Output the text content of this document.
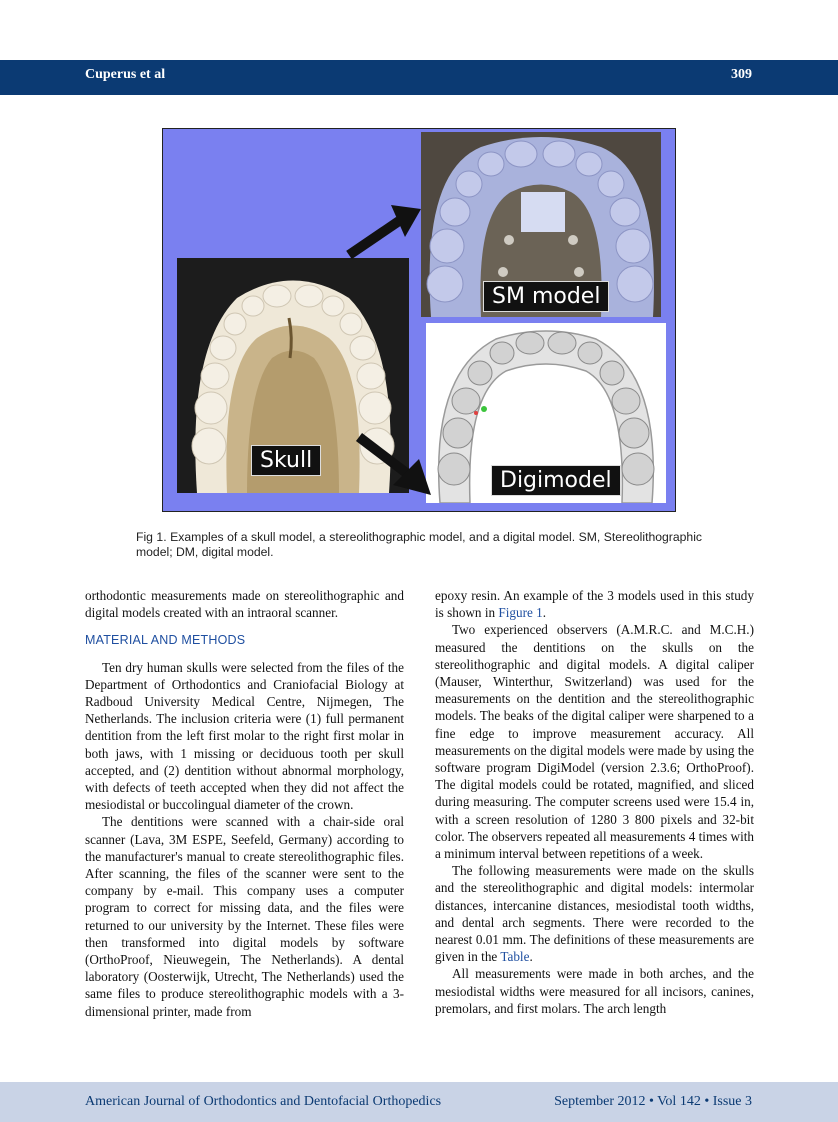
Cuperus et al	309
Skull
SM model
Digimodel
Fig 1. Examples of a skull model, a stereolithographic model, and a digital model. SM, Stereolithographic model; DM, digital model.

orthodontic measurements made on stereolithographic and digital models created with an intraoral scanner.

MATERIAL AND METHODS

Ten dry human skulls were selected from the files of the Department of Orthodontics and Craniofacial Biology at Radboud University Medical Centre, Nijmegen, The Netherlands. The inclusion criteria were (1) full permanent dentition from the left first molar to the right first molar in both jaws, with 1 missing or deciduous tooth per skull accepted, and (2) dentition without abnormal morphology, with defects of teeth accepted when they did not affect the mesiodistal or buccolingual diameter of the crown.

The dentitions were scanned with a chair-side oral scanner (Lava, 3M ESPE, Seefeld, Germany) according to the manufacturer's manual to create stereolithographic files. After scanning, the files of the scanner were sent to the company by e-mail. This company uses a computer program to correct for missing data, and the files were returned to our university by the Internet. These files were then transformed into digital models by software (OrthoProof, Nieuwegein, The Netherlands). A dental laboratory (Oosterwijk, Utrecht, The Netherlands) used the same files to produce stereolithographic models with a 3-dimensional printer, made from

epoxy resin. An example of the 3 models used in this study is shown in Figure 1.

Two experienced observers (A.M.R.C. and M.C.H.) measured the dentitions on the skulls on the stereolithographic and digital models. A digital caliper (Mauser, Winterthur, Switzerland) was used for the measurements on the dentition and the stereolithographic models. The beaks of the digital caliper were sharpened to a fine edge to improve measurement accuracy. All measurements on the digital models were made by using the software program DigiModel (version 2.3.6; OrthoProof). The digital models could be rotated, magnified, and sliced during measuring. The computer screens used were 15.4 in, with a screen resolution of 1280 3 800 pixels and 32-bit color. The observers repeated all measurements 4 times with a minimum interval between repetitions of a week.

The following measurements were made on the skulls and the stereolithographic and digital models: intermolar distances, intercanine distances, mesiodistal tooth widths, and dental arch segments. There were recorded to the nearest 0.01 mm. The definitions of these measurements are given in the Table.

All measurements were made in both arches, and the mesiodistal widths were measured for all incisors, canines, premolars, and first molars. The arch length

American Journal of Orthodontics and Dentofacial Orthopedics	September 2012 • Vol 142 • Issue 3
